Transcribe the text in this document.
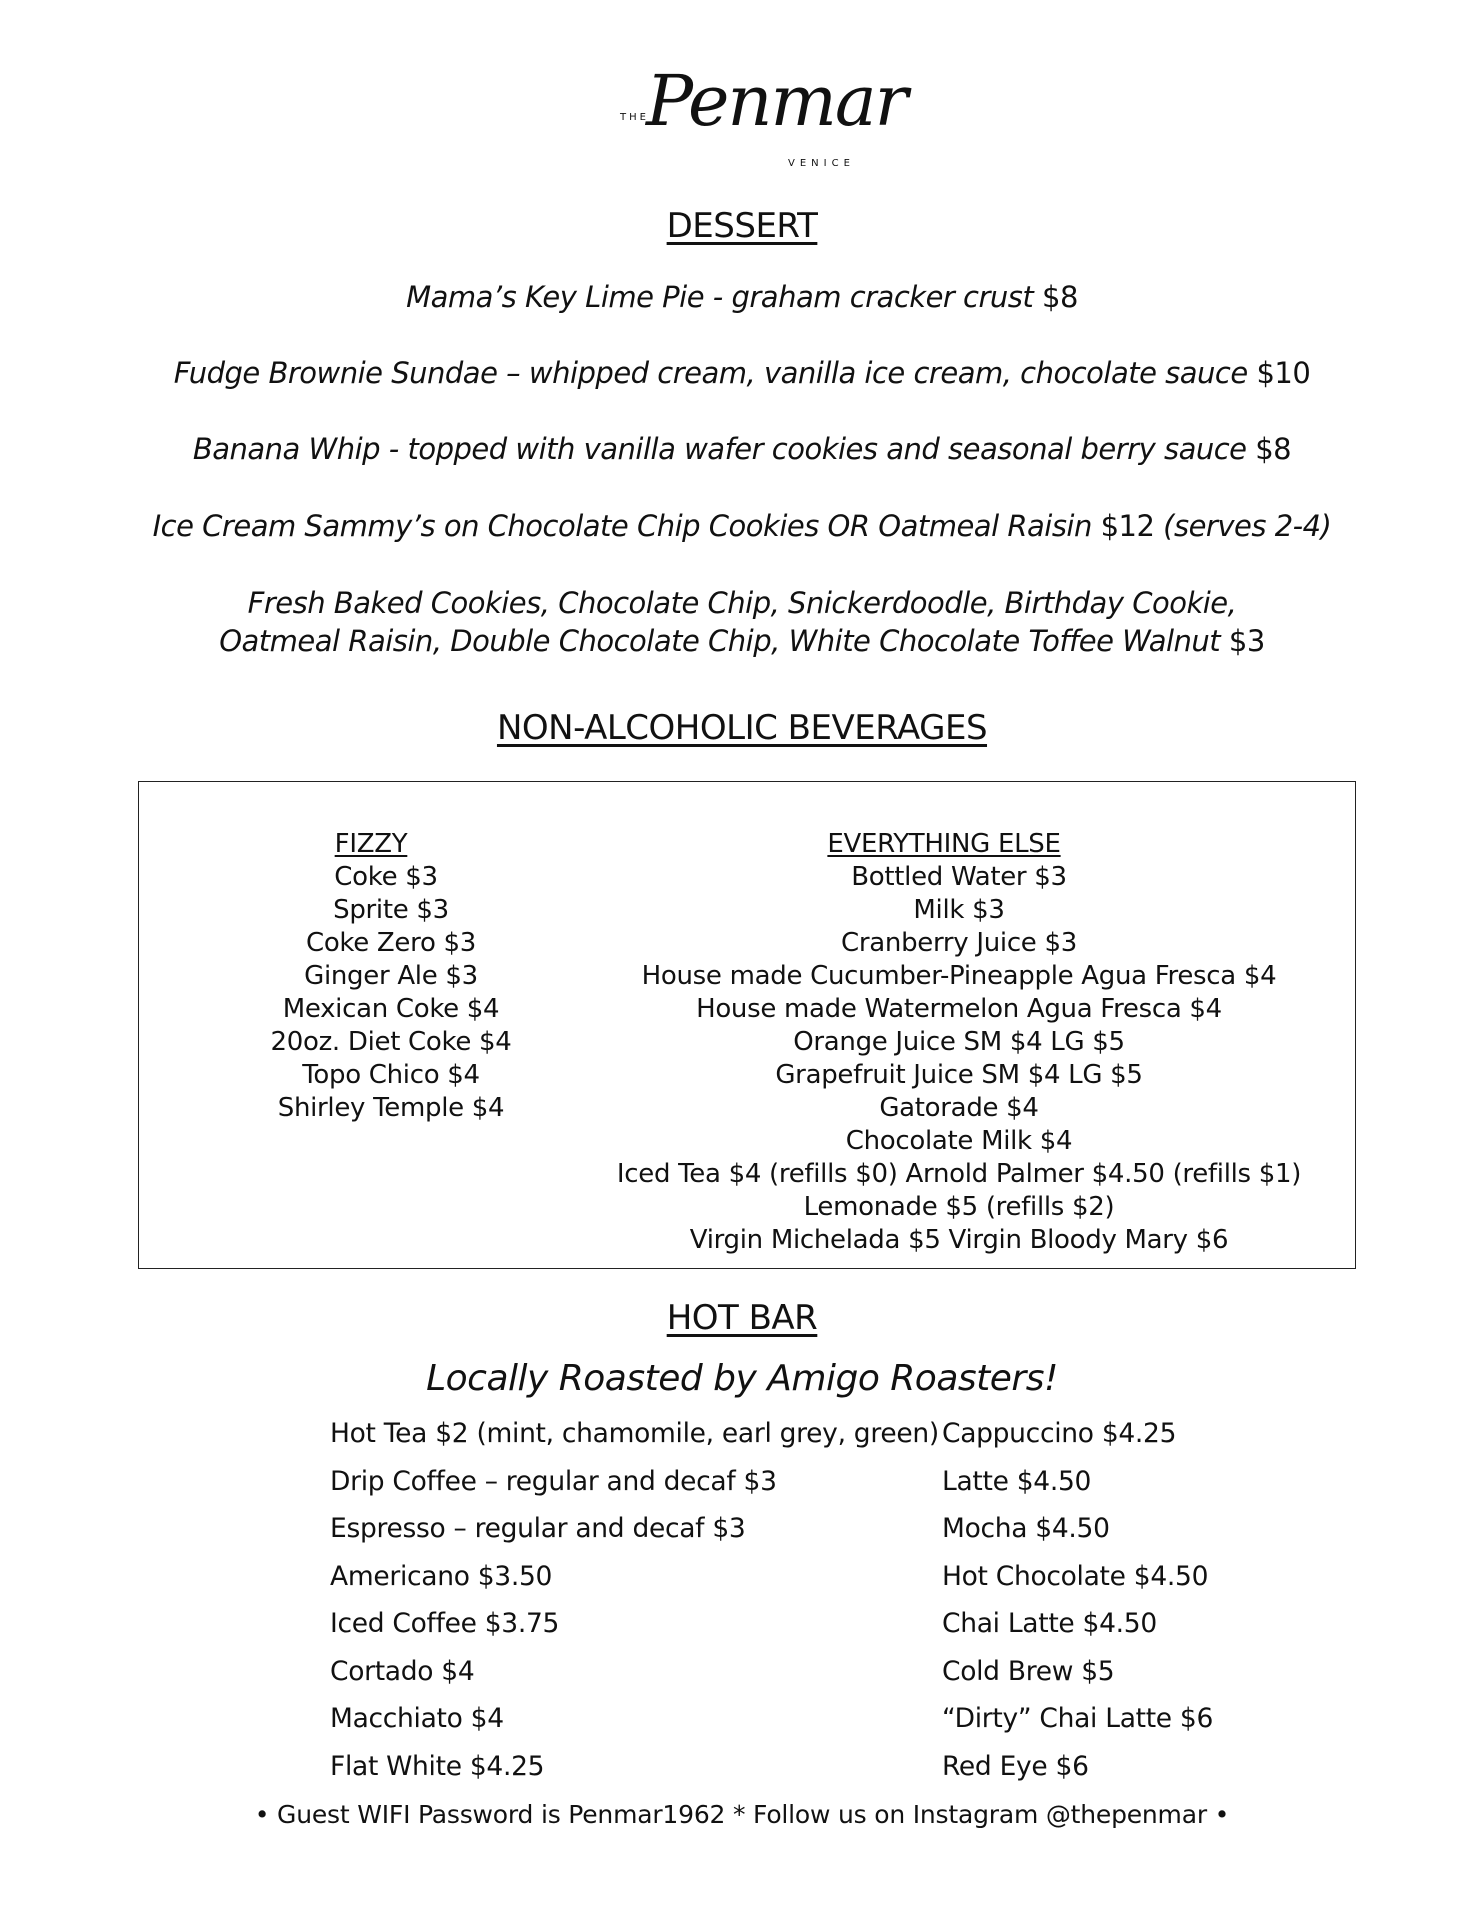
THE
Penmar
VENICE
DESSERT
Mama’s Key Lime Pie - graham cracker crust $8
Fudge Brownie Sundae – whipped cream, vanilla ice cream, chocolate sauce $10
Banana Whip - topped with vanilla wafer cookies and seasonal berry sauce $8
Ice Cream Sammy’s on Chocolate Chip Cookies OR Oatmeal Raisin $12 (serves 2-4)
Fresh Baked Cookies, Chocolate Chip, Snickerdoodle, Birthday Cookie,
Oatmeal Raisin, Double Chocolate Chip, White Chocolate Toffee Walnut $3
NON-ALCOHOLIC BEVERAGES
FIZZY
Coke $3
Sprite $3
Coke Zero $3
Ginger Ale $3
Mexican Coke $4
20oz. Diet Coke $4
Topo Chico $4
Shirley Temple $4
EVERYTHING ELSE
Bottled Water $3
Milk $3
Cranberry Juice $3
House made Cucumber-Pineapple Agua Fresca $4
House made Watermelon Agua Fresca $4
Orange Juice SM $4 LG $5
Grapefruit Juice SM $4 LG $5
Gatorade $4
Chocolate Milk $4
Iced Tea $4 (refills $0) Arnold Palmer $4.50 (refills $1)
Lemonade $5 (refills $2)
Virgin Michelada $5 Virgin Bloody Mary $6
HOT BAR
Locally Roasted by Amigo Roasters!
Hot Tea $2 (mint, chamomile, earl grey, green)
Drip Coffee – regular and decaf $3
Espresso – regular and decaf $3
Americano $3.50
Iced Coffee $3.75
Cortado $4
Macchiato $4
Flat White $4.25
Cappuccino $4.25
Latte $4.50
Mocha $4.50
Hot Chocolate $4.50
Chai Latte $4.50
Cold Brew $5
“Dirty” Chai Latte $6
Red Eye $6
• Guest WIFI Password is Penmar1962 * Follow us on Instagram @thepenmar •
